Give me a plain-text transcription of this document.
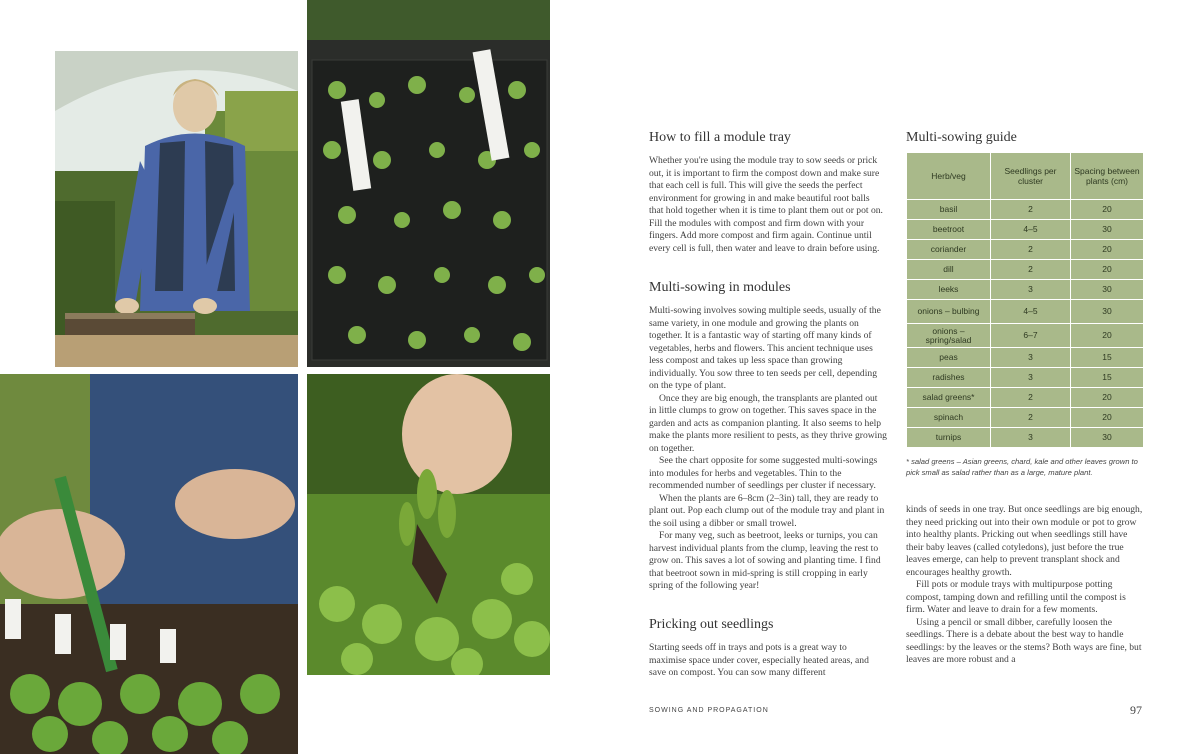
How to fill a module tray

Whether you're using the module tray to sow seeds or prick out, it is important to firm the compost down and make sure that each cell is full. This will give the seeds the perfect environment for growing in and make beautiful root balls that hold together when it is time to plant them out or pot on. Fill the modules with compost and firm down with your fingers. Add more compost and firm again. Continue until every cell is full, then water and leave to drain before using.

Multi-sowing in modules

Multi-sowing involves sowing multiple seeds, usually of the same variety, in one module and growing the plants on together. It is a fantastic way of starting off many kinds of vegetables, herbs and flowers. This ancient technique uses less compost and takes up less space than growing individually. You sow three to ten seeds per cell, depending on the type of plant.

Once they are big enough, the transplants are planted out in little clumps to grow on together. This saves space in the garden and acts as companion planting. It also seems to help make the plants more resilient to pests, as they thrive growing on together.

See the chart opposite for some suggested multi-sowings into modules for herbs and vegetables. Thin to the recommended number of seedlings per cluster if necessary.

When the plants are 6–8cm (2–3in) tall, they are ready to plant out. Pop each clump out of the module tray and plant in the soil using a dibber or small trowel.

For many veg, such as beetroot, leeks or turnips, you can harvest individual plants from the clump, leaving the rest to grow on. This saves a lot of sowing and planting time. I find that beetroot sown in mid-spring is still cropping in early spring of the following year!

Pricking out seedlings

Starting seeds off in trays and pots is a great way to maximise space under cover, especially heated areas, and save on compost. You can sow many different

Multi-sowing guide
Herb/veg	Seedlings per cluster	Spacing between plants (cm)
basil	2	20
beetroot	4–5	30
coriander	2	20
dill	2	20
leeks	3	30
onions – bulbing	4–5	30
onions – spring/salad	6–7	20
peas	3	15
radishes	3	15
salad greens*	2	20
spinach	2	20
turnips	3	30
* salad greens – Asian greens, chard, kale and other leaves grown to pick small as salad rather than as a large, mature plant.

kinds of seeds in one tray. But once seedlings are big enough, they need pricking out into their own module or pot to grow into healthy plants. Pricking out when seedlings still have their baby leaves (called cotyledons), just before the true leaves emerge, can help to prevent transplant shock and encourages healthy growth.

Fill pots or module trays with multipurpose potting compost, tamping down and refilling until the compost is firm. Water and leave to drain for a few moments.

Using a pencil or small dibber, carefully loosen the seedlings. There is a debate about the best way to handle seedlings: by the leaves or the stems? Both ways are fine, but leaves are more robust and a

SOWING AND PROPAGATION	97
